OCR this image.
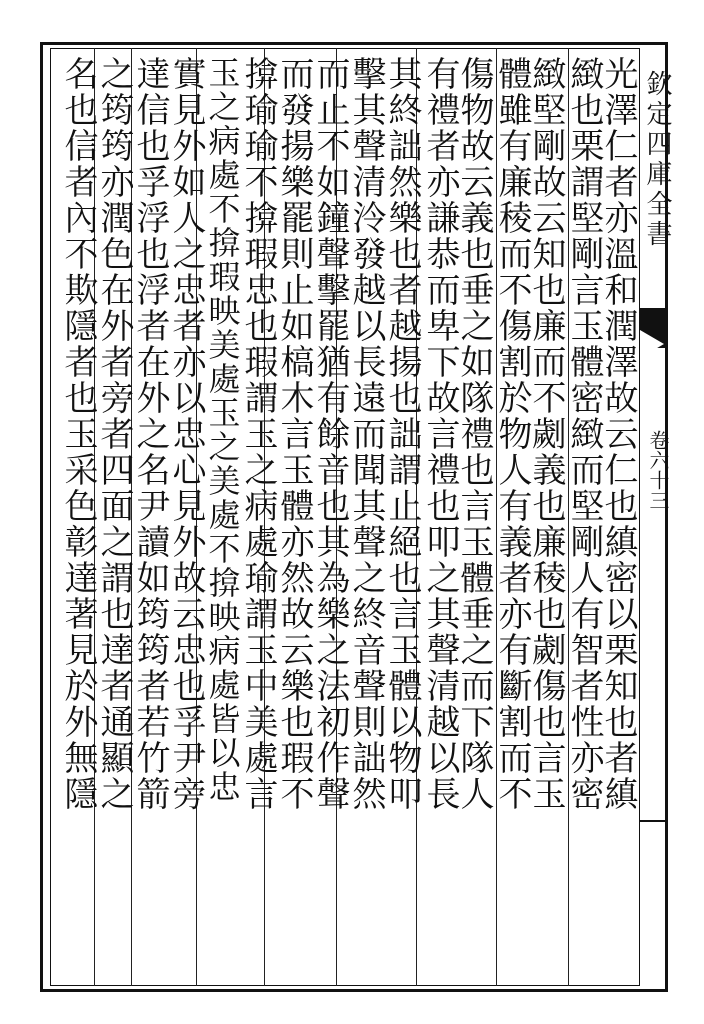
光澤仁者亦溫和潤澤故云仁也縝密以栗知也者縝
緻也栗謂堅剛言玉體密緻而堅剛人有智者性亦密
緻堅剛故云知也廉而不劌義也廉稜也劌傷也言玉
體雖有廉稜而不傷割於物人有義者亦有斷割而不
傷物故云義也垂之如隊禮也言玉體垂之而下隊人
有禮者亦謙恭而卑下故言禮也叩之其聲清越以長
其終詘然樂也者越揚也詘謂止絕也言玉體以物叩
擊其聲清泠發越以長遠而聞其聲之終音聲則詘然
而止不如鐘聲擊罷猶有餘音也其為樂之法初作聲
而發揚樂罷則止如槁木言玉體亦然故云樂也瑕不
揜瑜瑜不揜瑕忠也瑕謂玉之病處瑜謂玉中美處言
玉之病處不揜瑕映美處玉之美處不揜映病處皆以忠
實見外如人之忠者亦以忠心見外故云忠也孚尹旁
達信也孚浮也浮者在外之名尹讀如筠筠者若竹箭
之筠筠亦潤色在外者旁者四面之謂也達者通顯之
名也信者內不欺隱者也玉采色彰達著見於外無隱	欽定四庫全書
卷六十三
